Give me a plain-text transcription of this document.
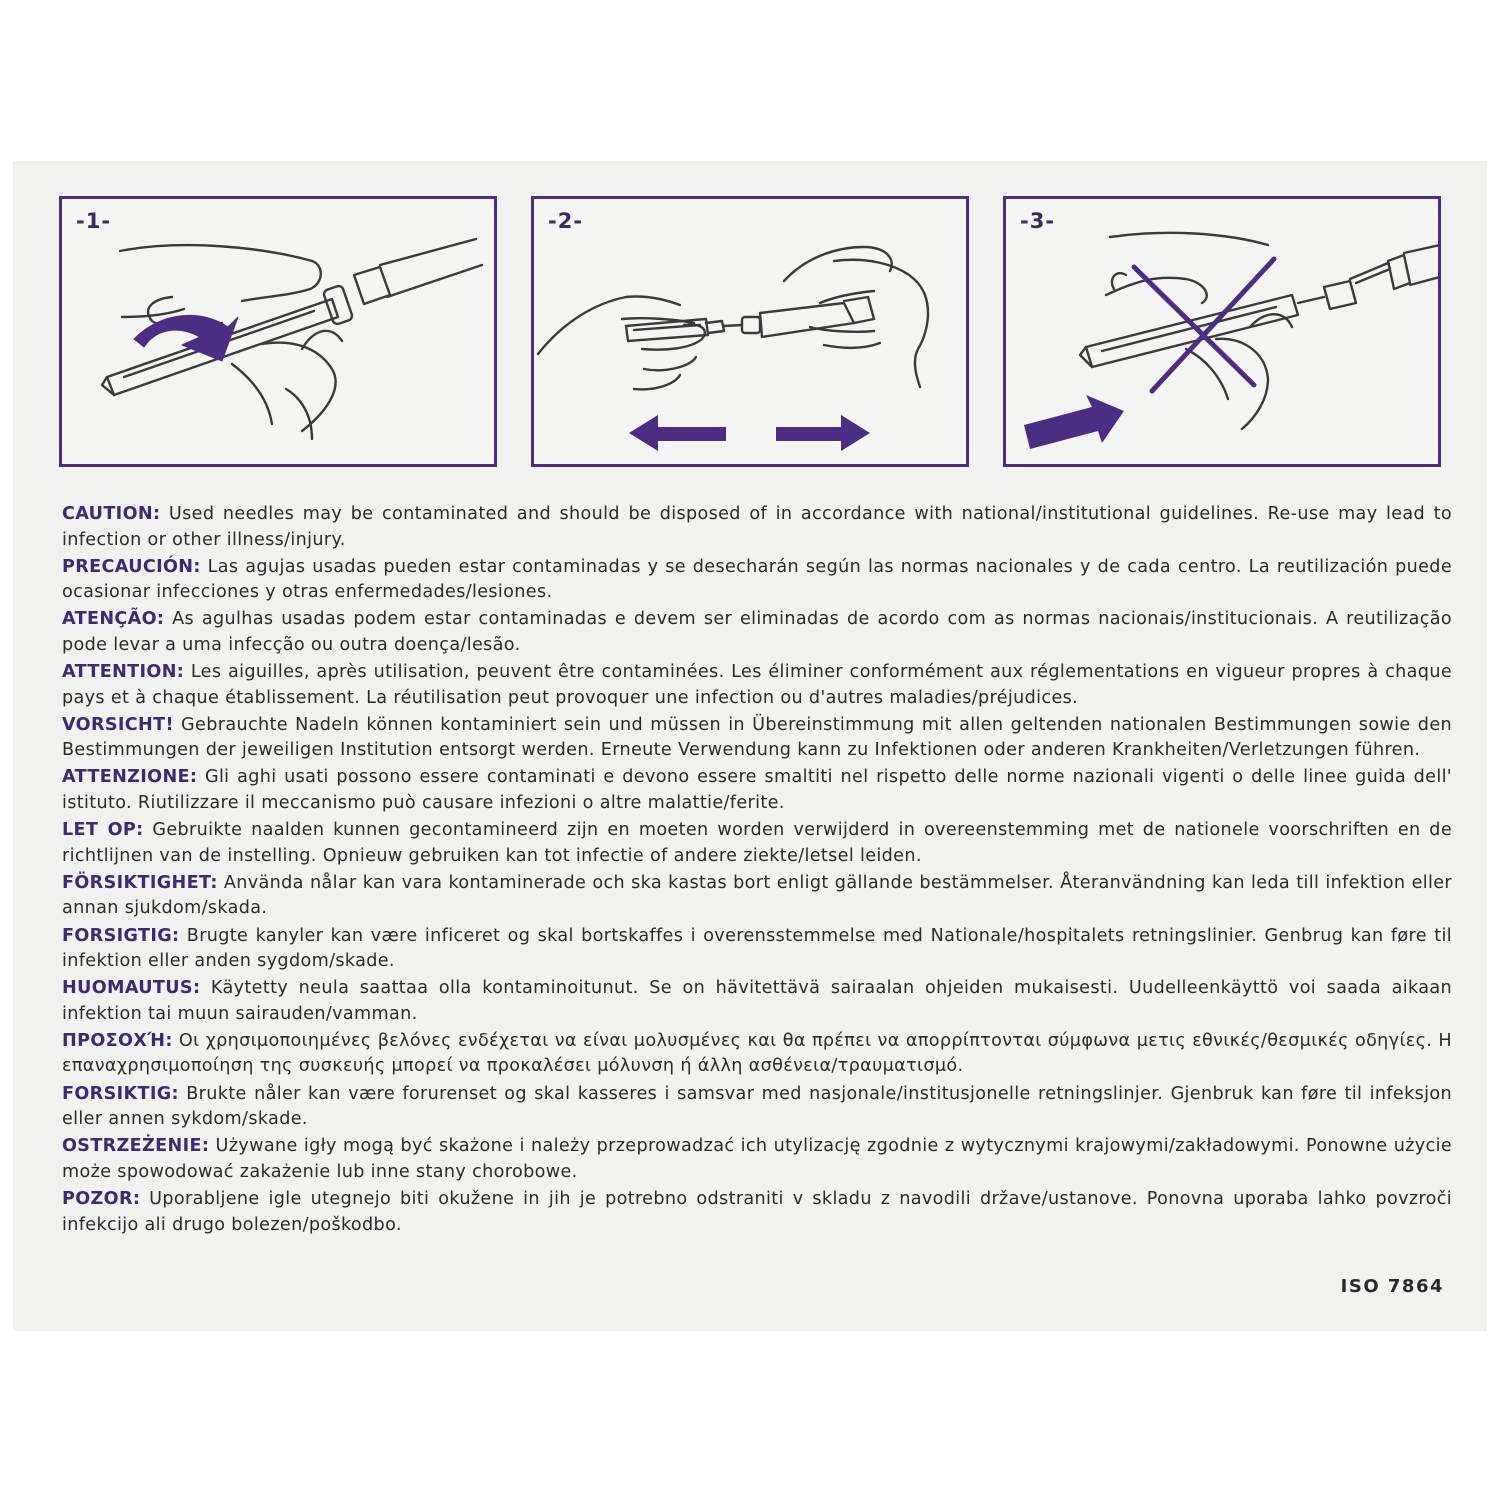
-1-	-2-	-3-
CAUTION: Used needles may be contaminated and should be disposed of in accordance with national/institutional guidelines. Re-use may lead to infection or other illness/injury.
PRECAUCIÓN: Las agujas usadas pueden estar contaminadas y se desecharán según las normas nacionales y de cada centro. La reutilización puede ocasionar infecciones y otras enfermedades/lesiones.
ATENÇÃO: As agulhas usadas podem estar contaminadas e devem ser eliminadas de acordo com as normas nacionais/institucionais. A reutilização pode levar a uma infecção ou outra doença/lesão.
ATTENTION: Les aiguilles, après utilisation, peuvent être contaminées. Les éliminer conformément aux réglementations en vigueur propres à chaque pays et à chaque établissement. La réutilisation peut provoquer une infection ou d'autres maladies/préjudices.
VORSICHT! Gebrauchte Nadeln können kontaminiert sein und müssen in Übereinstimmung mit allen geltenden nationalen Bestimmungen sowie den Bestimmungen der jeweiligen Institution entsorgt werden. Erneute Verwendung kann zu Infektionen oder anderen Krankheiten/Verletzungen führen.
ATTENZIONE: Gli aghi usati possono essere contaminati e devono essere smaltiti nel rispetto delle norme nazionali vigenti o delle linee guida dell' istituto. Riutilizzare il meccanismo può causare infezioni o altre malattie/ferite.
LET OP: Gebruikte naalden kunnen gecontamineerd zijn en moeten worden verwijderd in overeenstemming met de nationele voorschriften en de richtlijnen van de instelling. Opnieuw gebruiken kan tot infectie of andere ziekte/letsel leiden.
FÖRSIKTIGHET: Använda nålar kan vara kontaminerade och ska kastas bort enligt gällande bestämmelser. Återanvändning kan leda till infektion eller annan sjukdom/skada.
FORSIGTIG: Brugte kanyler kan være inficeret og skal bortskaffes i overensstemmelse med Nationale/hospitalets retningslinier. Genbrug kan føre til infektion eller anden sygdom/skade.
HUOMAUTUS: Käytetty neula saattaa olla kontaminoitunut. Se on hävitettävä sairaalan ohjeiden mukaisesti. Uudelleenkäyttö voi saada aikaan infektion tai muun sairauden/vamman.
ΠΡΟΣΟΧΉ: Οι χρησιμοποιημένες βελόνες ενδέχεται να είναι μολυσμένες και θα πρέπει να απορρίπτονται σύμφωνα μετις εθνικές/θεσμικές οδηγίες. Η επαναχρησιμοποίηση της συσκευής μπορεί να προκαλέσει μόλυνση ή άλλη ασθένεια/τραυματισμό.
FORSIKTIG: Brukte nåler kan være forurenset og skal kasseres i samsvar med nasjonale/institusjonelle retningslinjer. Gjenbruk kan føre til infeksjon eller annen sykdom/skade.
OSTRZEŻENIE: Używane igły mogą być skażone i należy przeprowadzać ich utylizację zgodnie z wytycznymi krajowymi/zakładowymi. Ponowne użycie może spowodować zakażenie lub inne stany chorobowe.
POZOR: Uporabljene igle utegnejo biti okužene in jih je potrebno odstraniti v skladu z navodili države/ustanove. Ponovna uporaba lahko povzroči infekcijo ali drugo bolezen/poškodbo.
ISO 7864
